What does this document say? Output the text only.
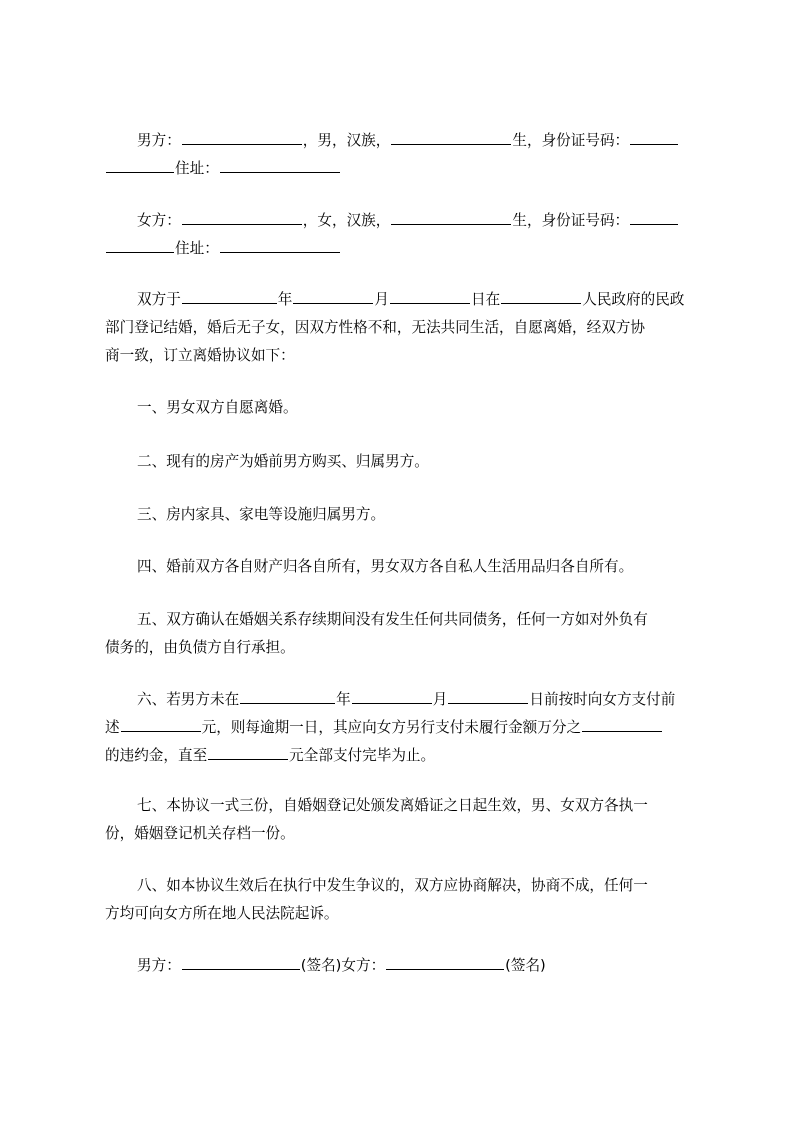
男方：	，男，汉族，	生，身份证号码：
住址：
女方：	，女，汉族，	生，身份证号码：
住址：
双方于	年	月	日在	人民政府的民政
部门登记结婚，婚后无子女，因双方性格不和，无法共同生活，自愿离婚，经双方协
商一致，订立离婚协议如下：
一、男女双方自愿离婚。
二、现有的房产为婚前男方购买、归属男方。
三、房内家具、家电等设施归属男方。
四、婚前双方各自财产归各自所有，男女双方各自私人生活用品归各自所有。
五、双方确认在婚姻关系存续期间没有发生任何共同债务，任何一方如对外负有
债务的，由负债方自行承担。
六、若男方未在	年	月	日前按时向女方支付前
述	元，则每逾期一日，其应向女方另行支付未履行金额万分之
的违约金，直至	元全部支付完毕为止。
七、本协议一式三份，自婚姻登记处颁发离婚证之日起生效，男、女双方各执一
份，婚姻登记机关存档一份。
八、如本协议生效后在执行中发生争议的，双方应协商解决，协商不成，任何一
方均可向女方所在地人民法院起诉。
男方：	(签名)女方：	(签名)
